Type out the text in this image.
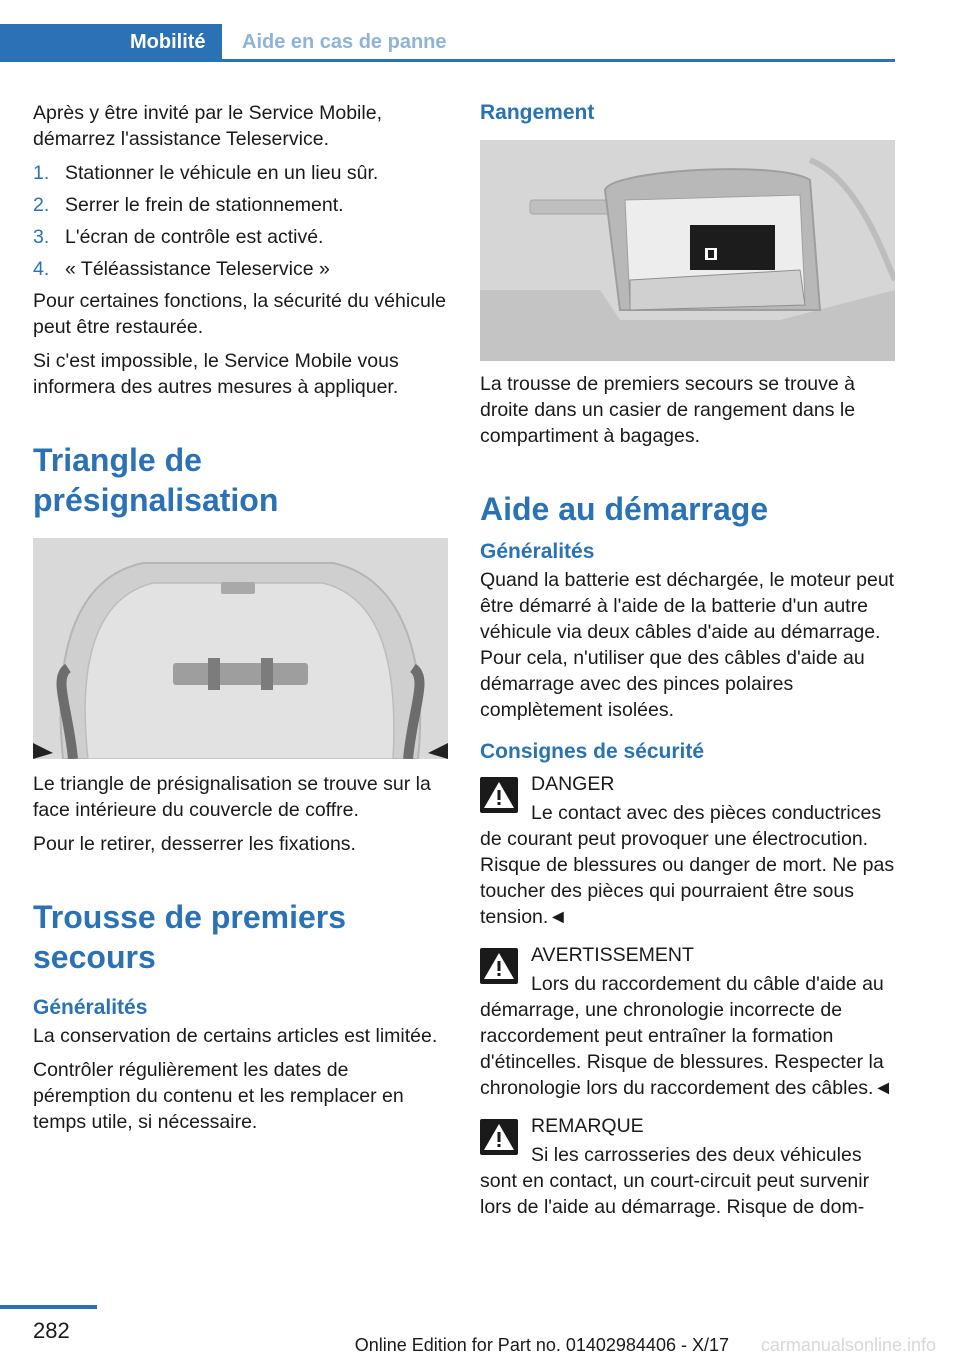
Mobilité	Aide en cas de panne

Après y être invité par le Service Mobile, démarrez l'assistance Teleservice.

1. Stationner le véhicule en un lieu sûr.
2. Serrer le frein de stationnement.
3. L'écran de contrôle est activé.
4. « Téléassistance Teleservice »

Pour certaines fonctions, la sécurité du véhicule peut être restaurée.

Si c'est impossible, le Service Mobile vous informera des autres mesures à appliquer.

Triangle de présignalisation

Le triangle de présignalisation se trouve sur la face intérieure du couvercle de coffre.

Pour le retirer, desserrer les fixations.

Trousse de premiers secours
Généralités

La conservation de certains articles est limitée.

Contrôler régulièrement les dates de péremption du contenu et les remplacer en temps utile, si nécessaire.

Rangement

La trousse de premiers secours se trouve à droite dans un casier de rangement dans le compartiment à bagages.

Aide au démarrage
Généralités

Quand la batterie est déchargée, le moteur peut être démarré à l'aide de la batterie d'un autre véhicule via deux câbles d'aide au démarrage. Pour cela, n'utiliser que des câbles d'aide au démarrage avec des pinces polaires complètement isolées.

Consignes de sécurité
DANGER
Le contact avec des pièces conductrices de courant peut provoquer une électrocution. Risque de blessures ou danger de mort. Ne pas toucher des pièces qui pourraient être sous tension.◄
AVERTISSEMENT
Lors du raccordement du câble d'aide au démarrage, une chronologie incorrecte de raccordement peut entraîner la formation d'étincelles. Risque de blessures. Respecter la chronologie lors du raccordement des câbles.◄
REMARQUE
Si les carrosseries des deux véhicules sont en contact, un court-circuit peut survenir lors de l'aide au démarrage. Risque de dom-
282
Online Edition for Part no. 01402984406 - X/17 carmanualsonline.info
